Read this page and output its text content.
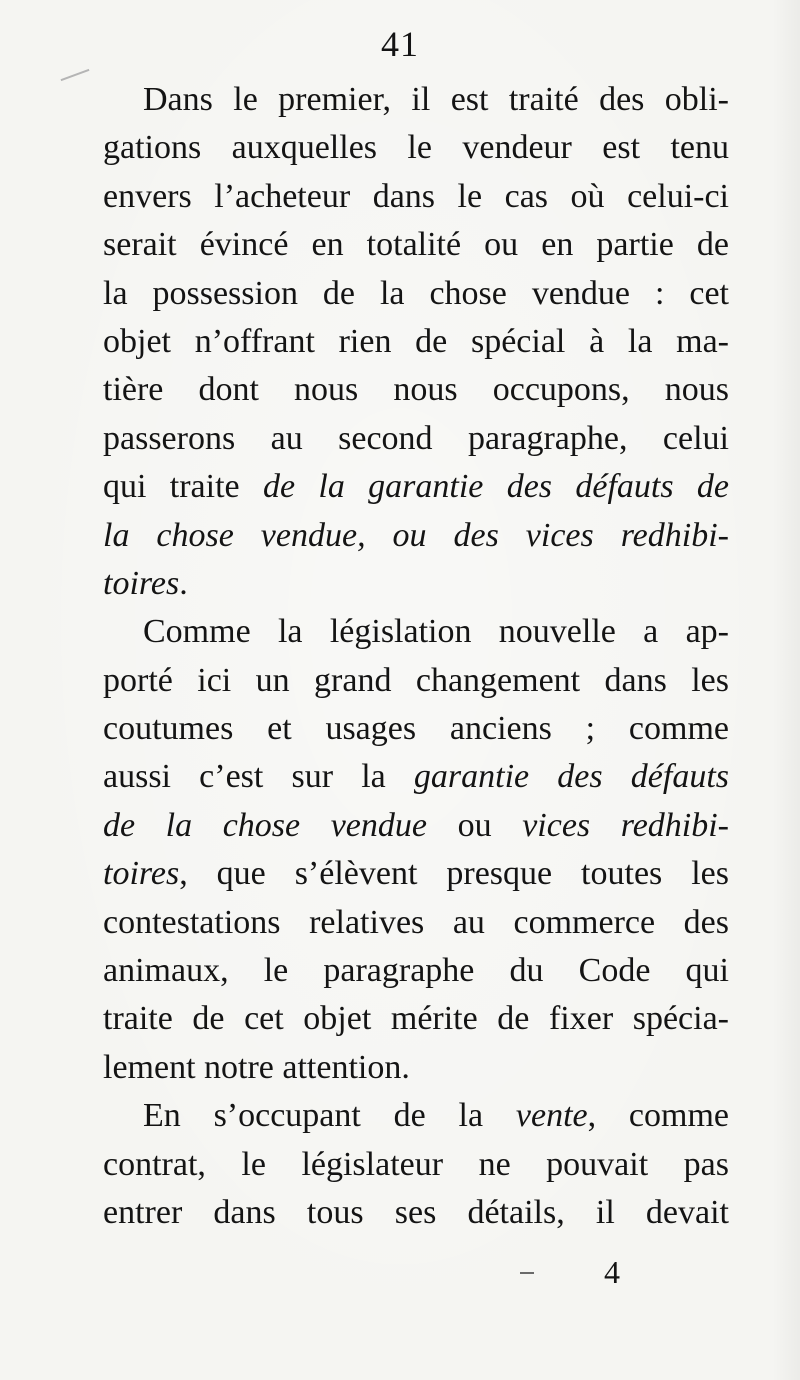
41
Dans le premier, il est traité des obli-
gations auxquelles le vendeur est tenu
envers l’acheteur dans le cas où celui-ci
serait évincé en totalité ou en partie de
la possession de la chose vendue : cet
objet n’offrant rien de spécial à la ma-
tière dont nous nous occupons, nous
passerons au second paragraphe, celui
qui traite de la garantie des défauts de
la chose vendue, ou des vices redhibi-
toires.
Comme la législation nouvelle a ap-
porté ici un grand changement dans les
coutumes et usages anciens ; comme
aussi c’est sur la garantie des défauts
de la chose vendue ou vices redhibi-
toires, que s’élèvent presque toutes les
contestations relatives au commerce des
animaux, le paragraphe du Code qui
traite de cet objet mérite de fixer spécia-
lement notre attention.
En s’occupant de la vente, comme
contrat, le législateur ne pouvait pas
entrer dans tous ses détails, il devait
4
